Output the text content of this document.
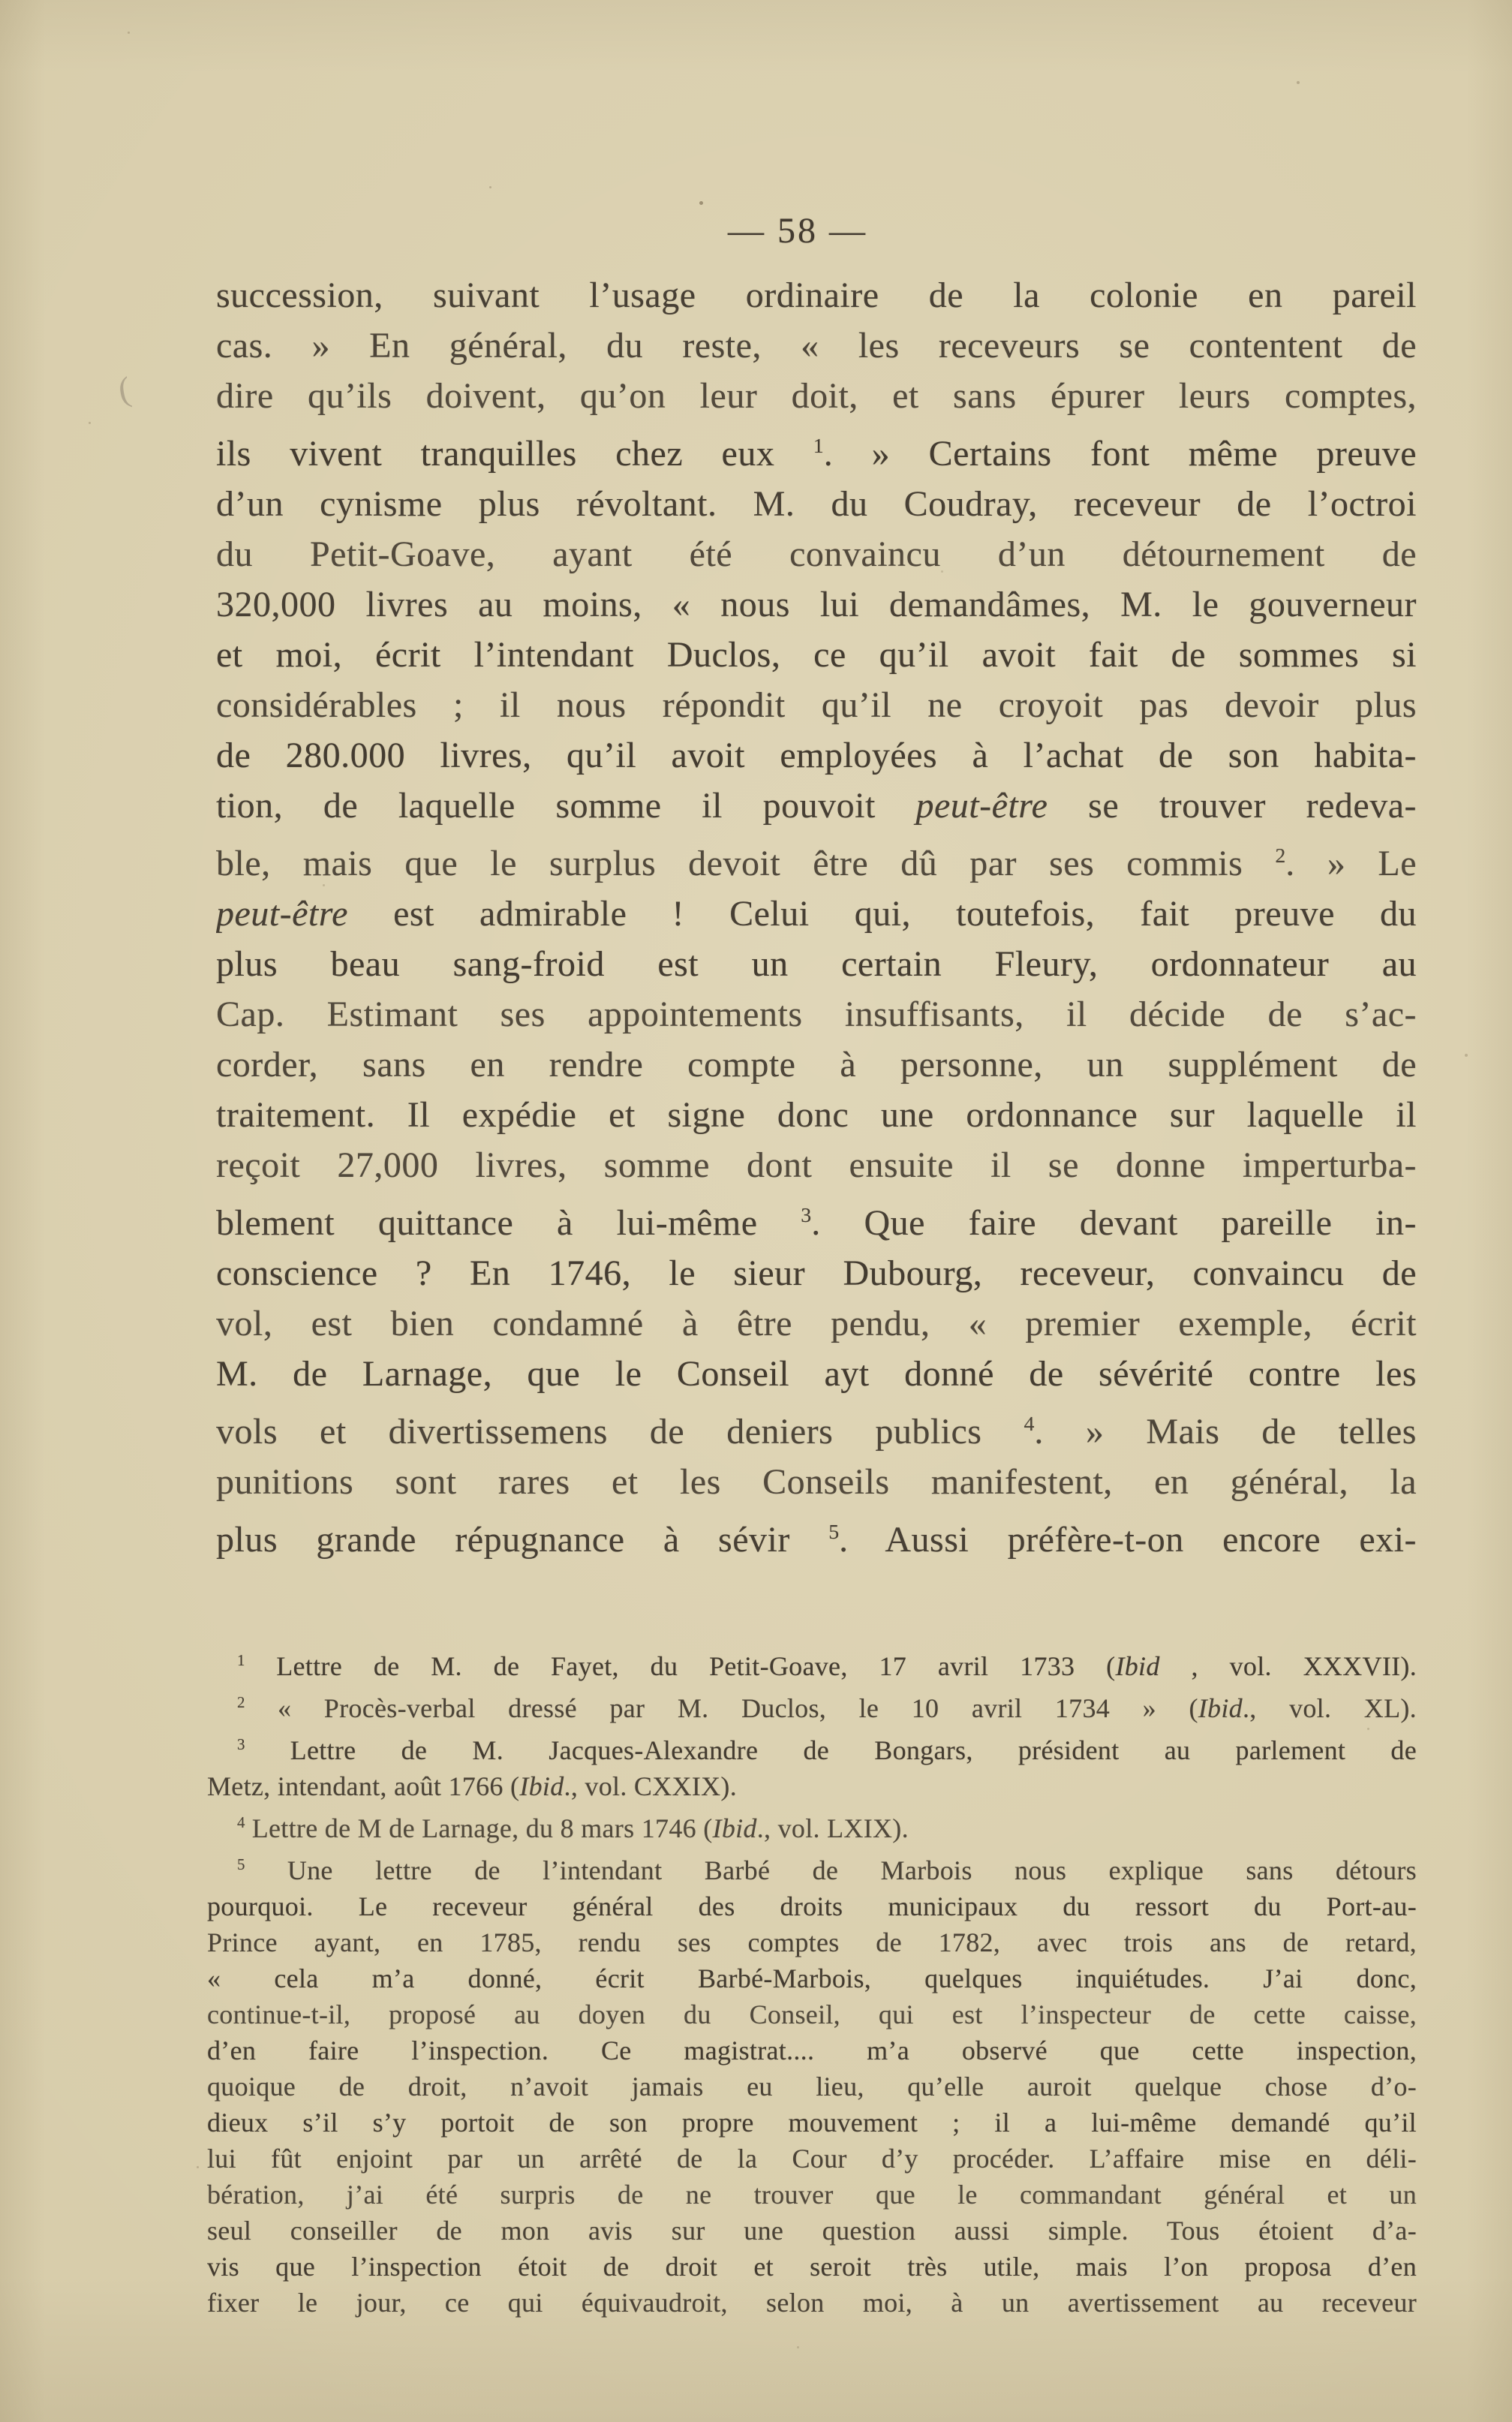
— 58 —
succession, suivant l’usage ordinaire de la colonie en pareil
cas. » En général, du reste, « les receveurs se contentent de
dire qu’ils doivent, qu’on leur doit, et sans épurer leurs comptes,
ils vivent tranquilles chez eux $^1$. » Certains font même preuve
d’un cynisme plus révoltant. M. du Coudray, receveur de l’octroi
du Petit-Goave, ayant été convaincu d’un détournement de
320,000 livres au moins, « nous lui demandâmes, M. le gouverneur
et moi, écrit l’intendant Duclos, ce qu’il avoit fait de sommes si
considérables ; il nous répondit qu’il ne croyoit pas devoir plus
de 280.000 livres, qu’il avoit employées à l’achat de son habita-
tion, de laquelle somme il pouvoit peut-être se trouver redeva-
ble, mais que le surplus devoit être dû par ses commis $^2$. » Le
peut-être est admirable ! Celui qui, toutefois, fait preuve du
plus beau sang-froid est un certain Fleury, ordonnateur au
Cap. Estimant ses appointements insuffisants, il décide de s’ac-
corder, sans en rendre compte à personne, un supplément de
traitement. Il expédie et signe donc une ordonnance sur laquelle il
reçoit 27,000 livres, somme dont ensuite il se donne imperturba-
blement quittance à lui-même $^3$. Que faire devant pareille in-
conscience ? En 1746, le sieur Dubourg, receveur, convaincu de
vol, est bien condamné à être pendu, « premier exemple, écrit
M. de Larnage, que le Conseil ayt donné de sévérité contre les
vols et divertissemens de deniers publics $^4$. » Mais de telles
punitions sont rares et les Conseils manifestent, en général, la
plus grande répugnance à sévir $^5$. Aussi préfère-t-on encore exi-
$^1$ Lettre de M. de Fayet, du Petit-Goave, 17 avril 1733 (Ibid , vol. XXXVII).
$^2$ « Procès-verbal dressé par M. Duclos, le 10 avril 1734 » (Ibid., vol. XL).
$^3$ Lettre de M. Jacques-Alexandre de Bongars, président au parlement de
Metz, intendant, août 1766 (Ibid., vol. CXXIX).
$^4$ Lettre de M de Larnage, du 8 mars 1746 (Ibid., vol. LXIX).
$^5$ Une lettre de l’intendant Barbé de Marbois nous explique sans détours
pourquoi. Le receveur général des droits municipaux du ressort du Port-au-
Prince ayant, en 1785, rendu ses comptes de 1782, avec trois ans de retard,
« cela m’a donné, écrit Barbé-Marbois, quelques inquiétudes. J’ai donc,
continue-t-il, proposé au doyen du Conseil, qui est l’inspecteur de cette caisse,
d’en faire l’inspection. Ce magistrat.... m’a observé que cette inspection,
quoique de droit, n’avoit jamais eu lieu, qu’elle auroit quelque chose d’o-
dieux s’il s’y portoit de son propre mouvement ; il a lui-même demandé qu’il
lui fût enjoint par un arrêté de la Cour d’y procéder. L’affaire mise en déli-
bération, j’ai été surpris de ne trouver que le commandant général et un
seul conseiller de mon avis sur une question aussi simple. Tous étoient d’a-
vis que l’inspection étoit de droit et seroit très utile, mais l’on proposa d’en
fixer le jour, ce qui équivaudroit, selon moi, à un avertissement au receveur
(
